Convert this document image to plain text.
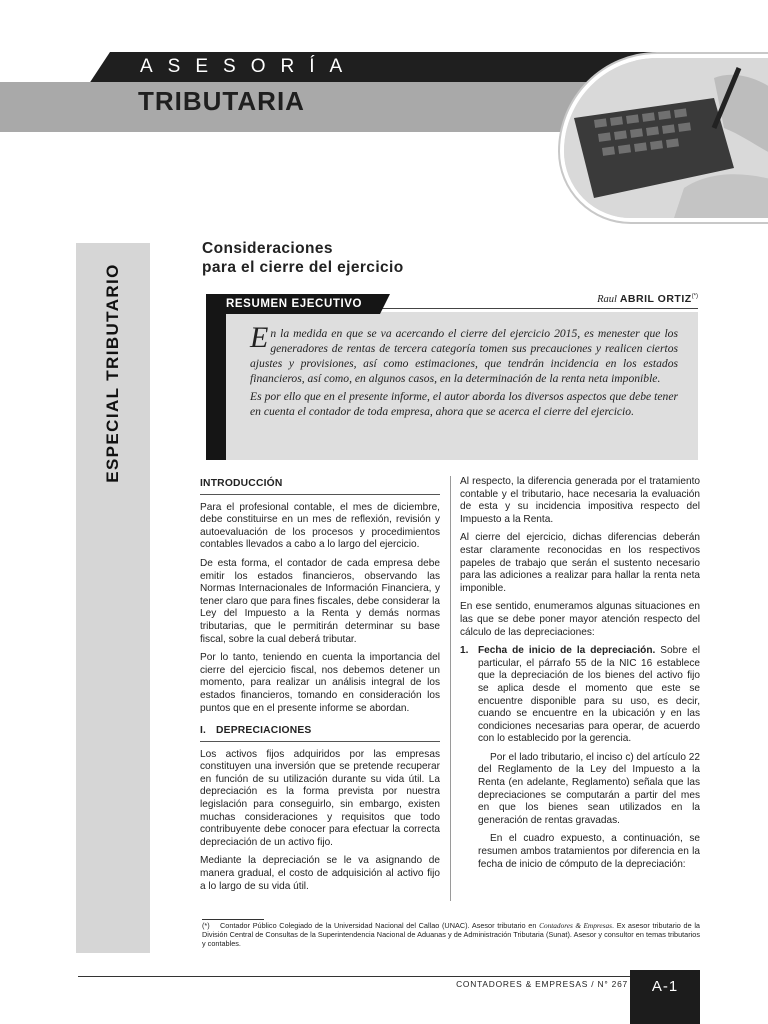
ASESORÍA
TRIBUTARIA
ESPECIAL TRIBUTARIO
Consideraciones
para el cierre del ejercicio
Raul ABRIL ORTIZ(*)
RESUMEN EJECUTIVO

En la medida en que se va acercando el cierre del ejercicio 2015, es menester que los generadores de rentas de tercera categoría tomen sus precauciones y realicen ciertos ajustes y provisiones, así como estimaciones, que tendrán incidencia en los estados financieros, así como, en algunos casos, en la determinación de la renta neta imponible.

Es por ello que en el presente informe, el autor aborda los diversos aspectos que debe tener en cuenta el contador de toda empresa, ahora que se acerca el cierre del ejercicio.

INTRODUCCIÓN

Para el profesional contable, el mes de diciembre, debe constituirse en un mes de reflexión, revisión y autoevaluación de los procesos y procedimientos contables llevados a cabo a lo largo del ejercicio.

De esta forma, el contador de cada empresa debe emitir los estados financieros, observando las Normas Internacionales de Información Financiera, y tener claro que para fines fiscales, debe considerar la Ley del Impuesto a la Renta y demás normas tributarias, que le permitirán determinar su base fiscal, sobre la cual deberá tributar.

Por lo tanto, teniendo en cuenta la importancia del cierre del ejercicio fiscal, nos debemos detener un momento, para realizar un análisis integral de los estados financieros, tomando en consideración los puntos que en el presente informe se abordan.

I. DEPRECIACIONES

Los activos fijos adquiridos por las empresas constituyen una inversión que se pretende recuperar en función de su utilización durante su vida útil. La depreciación es la forma prevista por nuestra legislación para conseguirlo, sin embargo, existen muchas consideraciones y requisitos que todo contribuyente debe conocer para efectuar la correcta depreciación de un activo fijo.

Mediante la depreciación se le va asignando de manera gradual, el costo de adquisición al activo fijo a lo largo de su vida útil.

Al respecto, la diferencia generada por el tratamiento contable y el tributario, hace necesaria la evaluación de esta y su incidencia impositiva respecto del Impuesto a la Renta.

Al cierre del ejercicio, dichas diferencias deberán estar claramente reconocidas en los respectivos papeles de trabajo que serán el sustento necesario para las adiciones a realizar para hallar la renta neta imponible.

En ese sentido, enumeramos algunas situaciones en las que se debe poner mayor atención respecto del cálculo de las depreciaciones:

1. Fecha de inicio de la depreciación. Sobre el particular, el párrafo 55 de la NIC 16 establece que la depreciación de los bienes del activo fijo se aplica desde el momento que este se encuentre disponible para su uso, es decir, cuando se encuentre en la ubicación y en las condiciones necesarias para operar, de acuerdo con lo establecido por la gerencia.

Por el lado tributario, el inciso c) del artículo 22 del Reglamento de la Ley del Impuesto a la Renta (en adelante, Reglamento) señala que las depreciaciones se computarán a partir del mes en que los bienes sean utilizados en la generación de rentas gravadas.

En el cuadro expuesto, a continuación, se resumen ambos tratamientos por diferencia en la fecha de inicio de cómputo de la depreciación:

(*) Contador Público Colegiado de la Universidad Nacional del Callao (UNAC). Asesor tributario en Contadores & Empresas. Ex asesor tributario de la División Central de Consultas de la Superintendencia Nacional de Aduanas y de Administración Tributaria (Sunat). Asesor y consultor en temas tributarios y contables.
CONTADORES & EMPRESAS / N° 267	A-1
